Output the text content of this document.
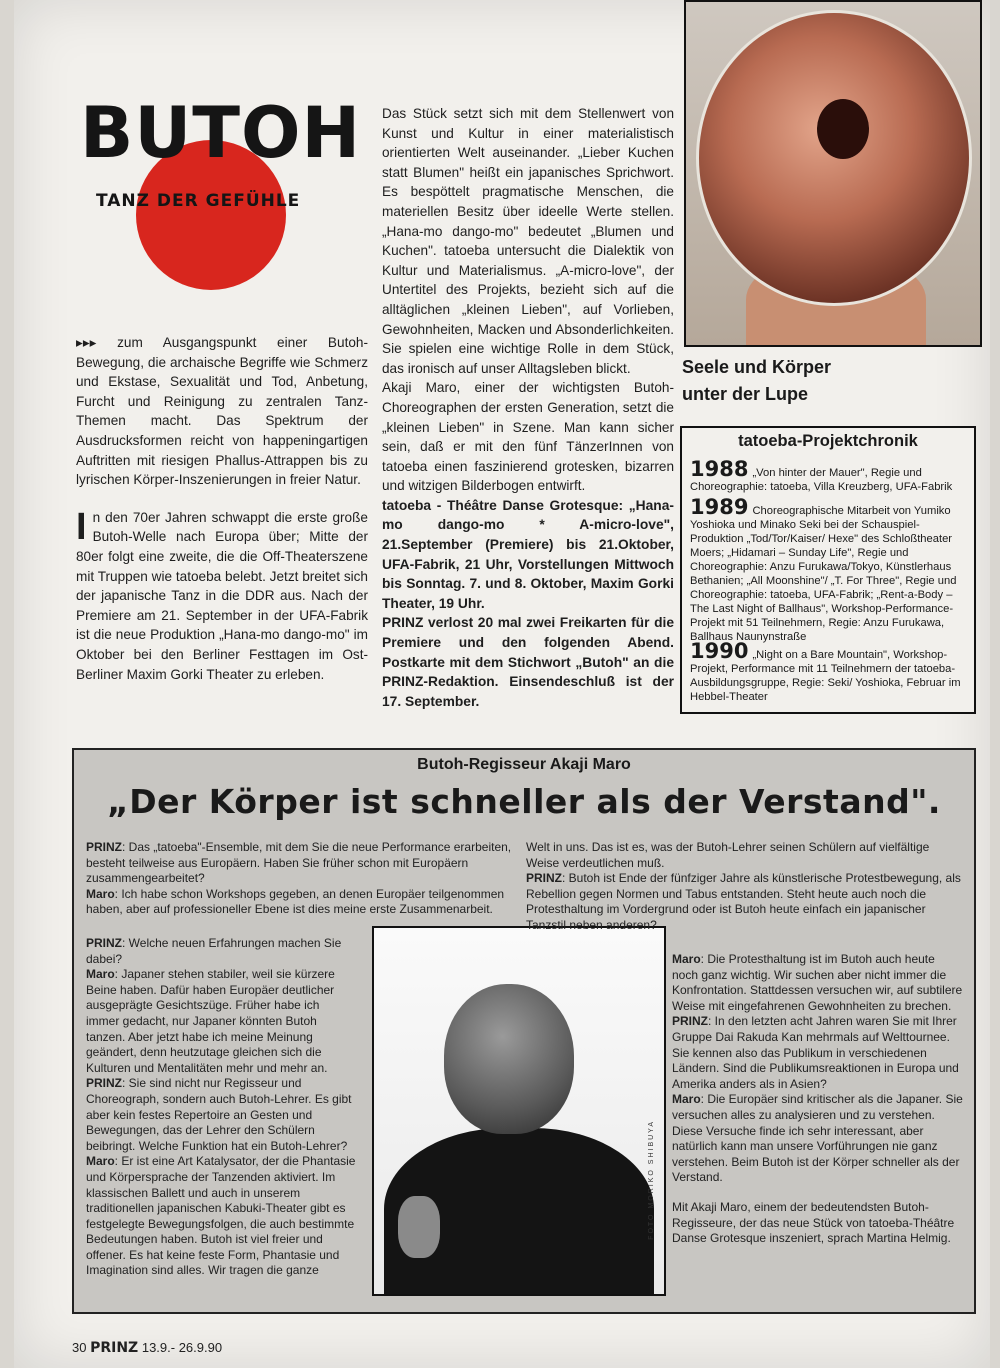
BUTOH
TANZ DER GEFÜHLE

▸▸▸ zum Ausgangspunkt einer Butoh-Bewegung, die archaische Begriffe wie Schmerz und Ekstase, Sexualität und Tod, Anbetung, Furcht und Reinigung zu zentralen Tanz-Themen macht. Das Spektrum der Ausdrucksformen reicht von happeningartigen Auftritten mit riesigen Phallus-Attrappen bis zu lyrischen Körper-Inszenierungen in freier Natur.

In den 70er Jahren schwappt die erste große Butoh-Welle nach Europa über; Mitte der 80er folgt eine zweite, die die Off-Theaterszene mit Truppen wie tatoeba belebt. Jetzt breitet sich der japanische Tanz in die DDR aus. Nach der Premiere am 21. September in der UFA-Fabrik ist die neue Produktion „Hana-mo dango-mo" im Oktober bei den Berliner Festtagen im Ost-Berliner Maxim Gorki Theater zu erleben.

Das Stück setzt sich mit dem Stellenwert von Kunst und Kultur in einer materialistisch orientierten Welt auseinander. „Lieber Kuchen statt Blumen" heißt ein japanisches Sprichwort. Es bespöttelt pragmatische Menschen, die materiellen Besitz über ideelle Werte stellen. „Hana-mo dango-mo" bedeutet „Blumen und Kuchen". tatoeba untersucht die Dialektik von Kultur und Materialismus. „A-micro-love", der Untertitel des Projekts, bezieht sich auf die alltäglichen „kleinen Lieben", auf Vorlieben, Gewohnheiten, Macken und Absonderlichkeiten. Sie spielen eine wichtige Rolle in dem Stück, das ironisch auf unser Alltagsleben blickt.

Akaji Maro, einer der wichtigsten Butoh-Choreographen der ersten Generation, setzt die „kleinen Lieben" in Szene. Man kann sicher sein, daß er mit den fünf TänzerInnen von tatoeba einen faszinierend grotesken, bizarren und witzigen Bilderbogen entwirft.

tatoeba - Théâtre Danse Grotesque: „Hana-mo dango-mo * A-micro-love", 21.September (Premiere) bis 21.Oktober, UFA-Fabrik, 21 Uhr, Vorstellungen Mittwoch bis Sonntag. 7. und 8. Oktober, Maxim Gorki Theater, 19 Uhr.

PRINZ verlost 20 mal zwei Freikarten für die Premiere und den folgenden Abend. Postkarte mit dem Stichwort „Butoh" an die PRINZ-Redaktion. Einsendeschluß ist der 17. September.

Seele und Körper
unter der Lupe
tatoeba-Projektchronik
1988 „Von hinter der Mauer", Regie und Choreographie: tatoeba, Villa Kreuzberg, UFA-Fabrik
1989 Choreographische Mitarbeit von Yumiko Yoshioka und Minako Seki bei der Schauspiel-Produktion „Tod/Tor/Kaiser/ Hexe" des Schloßtheater Moers; „Hidamari – Sunday Life", Regie und Choreographie: Anzu Furukawa/Tokyo, Künstlerhaus Bethanien; „All Moonshine"/ „T. For Three", Regie und Choreographie: tatoeba, UFA-Fabrik; „Rent-a-Body – The Last Night of Ballhaus", Workshop-Performance-Projekt mit 51 Teilnehmern, Regie: Anzu Furukawa, Ballhaus Naunynstraße
1990 „Night on a Bare Mountain", Workshop-Projekt, Performance mit 11 Teilnehmern der tatoeba-Ausbildungsgruppe, Regie: Seki/ Yoshioka, Februar im Hebbel-Theater
Butoh-Regisseur Akaji Maro
„Der Körper ist schneller als der Verstand".

PRINZ: Das „tatoeba"-Ensemble, mit dem Sie die neue Performance erarbeiten, besteht teilweise aus Europäern. Haben Sie früher schon mit Europäern zusammengearbeitet?

Maro: Ich habe schon Workshops gegeben, an denen Europäer teilgenommen haben, aber auf professioneller Ebene ist dies meine erste Zusammenarbeit.

PRINZ: Welche neuen Erfahrungen machen Sie dabei?

Maro: Japaner stehen stabiler, weil sie kürzere Beine haben. Dafür haben Europäer deutlicher ausgeprägte Gesichtszüge. Früher habe ich immer gedacht, nur Japaner könnten Butoh tanzen. Aber jetzt habe ich meine Meinung geändert, denn heutzutage gleichen sich die Kulturen und Mentalitäten mehr und mehr an.

PRINZ: Sie sind nicht nur Regisseur und Choreograph, sondern auch Butoh-Lehrer. Es gibt aber kein festes Repertoire an Gesten und Bewegungen, das der Lehrer den Schülern beibringt. Welche Funktion hat ein Butoh-Lehrer?

Maro: Er ist eine Art Katalysator, der die Phantasie und Körpersprache der Tanzenden aktiviert. Im klassischen Ballett und auch in unserem traditionellen japanischen Kabuki-Theater gibt es festgelegte Bewegungsfolgen, die auch bestimmte Bedeutungen haben. Butoh ist viel freier und offener. Es hat keine feste Form, Phantasie und Imagination sind alles. Wir tragen die ganze

FOTO MORIKO SHIBUYA

Welt in uns. Das ist es, was der Butoh-Lehrer seinen Schülern auf vielfältige Weise verdeutlichen muß.

PRINZ: Butoh ist Ende der fünfziger Jahre als künstlerische Protestbewegung, als Rebellion gegen Normen und Tabus entstanden. Steht heute auch noch die Protesthaltung im Vordergrund oder ist Butoh heute einfach ein japanischer Tanzstil neben anderen?

Maro: Die Protesthaltung ist im Butoh auch heute noch ganz wichtig. Wir suchen aber nicht immer die Konfrontation. Stattdessen versuchen wir, auf subtilere Weise mit eingefahrenen Gewohnheiten zu brechen.

PRINZ: In den letzten acht Jahren waren Sie mit Ihrer Gruppe Dai Rakuda Kan mehrmals auf Welttournee. Sie kennen also das Publikum in verschiedenen Ländern. Sind die Publikumsreaktionen in Europa und Amerika anders als in Asien?

Maro: Die Europäer sind kritischer als die Japaner. Sie versuchen alles zu analysieren und zu verstehen. Diese Versuche finde ich sehr interessant, aber natürlich kann man unsere Vorführungen nie ganz verstehen. Beim Butoh ist der Körper schneller als der Verstand.

Mit Akaji Maro, einem der bedeutendsten Butoh-Regisseure, der das neue Stück von tatoeba-Théâtre Danse Grotesque inszeniert, sprach Martina Helmig.

30 PRINZ 13.9.- 26.9.90
